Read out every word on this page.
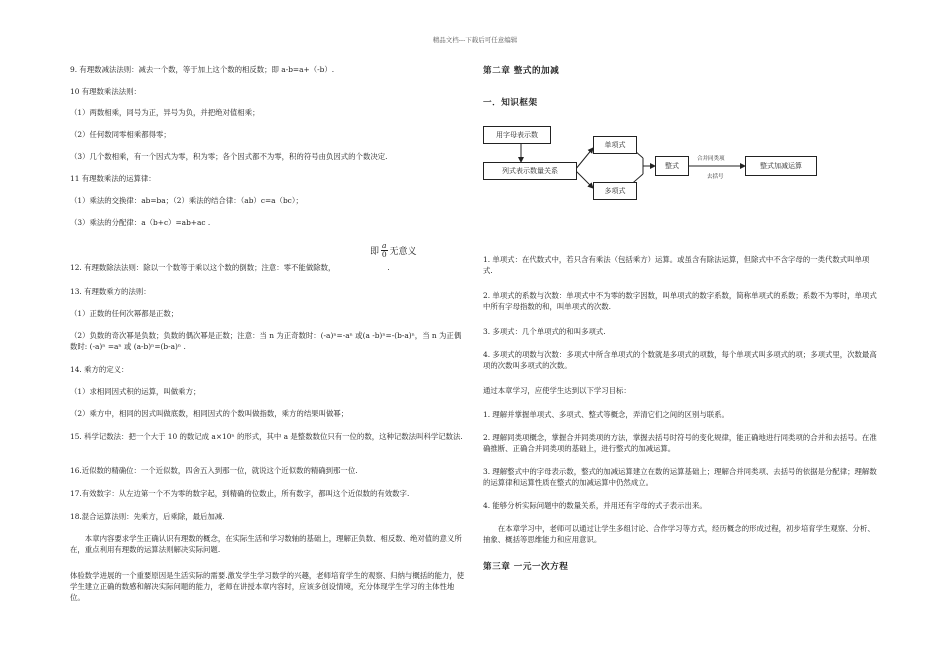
精品文档---下载后可任意编辑

9. 有理数减法法则：减去一个数，等于加上这个数的相反数；即 a-b=a+（-b）.

10 有理数乘法法则：

（1）两数相乘，同号为正，异号为负，并把绝对值相乘；

（2）任何数同零相乘都得零；

（3）几个数相乘，有一个因式为零，积为零；各个因式都不为零，积的符号由负因式的个数决定.

11 有理数乘法的运算律：

（1）乘法的交换律：ab=ba；（2）乘法的结合律：（ab）c=a（bc）；

（3）乘法的分配律：a（b+c）=ab+ac .

即 $\frac{a}{0}$ 无意义

12. 有理数除法法则：除以一个数等于乘以这个数的倒数；注意：零不能做除数，	.

13. 有理数乘方的法则：

（1）正数的任何次幂都是正数；

（2）负数的奇次幂是负数；负数的偶次幂是正数；注意：当 n 为正奇数时：(-a)ⁿ=-aⁿ 或(a -b)ⁿ=-(b-a)ⁿ，当 n 为正偶数时: (-a)ⁿ =aⁿ 或 (a-b)ⁿ=(b-a)ⁿ .

14. 乘方的定义：

（1）求相同因式积的运算，叫做乘方；

（2）乘方中，相同的因式叫做底数，相同因式的个数叫做指数，乘方的结果叫做幂；

15. 科学记数法：把一个大于 10 的数记成 a×10ⁿ 的形式，其中 a 是整数数位只有一位的数，这种记数法叫科学记数法.

16.近似数的精确位：一个近似数，四舍五入到那一位，就说这个近似数的精确到那一位.

17.有效数字：从左边第一个不为零的数字起，到精确的位数止，所有数字，都叫这个近似数的有效数字.

18.混合运算法则：先乘方，后乘除，最后加减.

本章内容要求学生正确认识有理数的概念，在实际生活和学习数轴的基础上，理解正负数、相反数、绝对值的意义所在，重点利用有理数的运算法则解决实际问题.

体验数学进展的一个重要原因是生活实际的需要.激发学生学习数学的兴趣，老师培育学生的观察、归纳与概括的能力，使学生建立正确的数感和解决实际问题的能力，老师在讲授本章内容时，应该多创设情境，充分体现学生学习的主体性地位。

第二章 整式的加减
一．知识框架
用字母表示数
列式表示数量关系
单项式
多项式
整式	整式加减运算
合并同类项
去括号

1. 单项式：在代数式中，若只含有乘法（包括乘方）运算。或虽含有除法运算，但除式中不含字母的一类代数式叫单项式.

2. 单项式的系数与次数：单项式中不为零的数字因数，叫单项式的数字系数，简称单项式的系数；系数不为零时，单项式中所有字母指数的和，叫单项式的次数.

3. 多项式：几个单项式的和叫多项式.

4. 多项式的项数与次数：多项式中所含单项式的个数就是多项式的项数，每个单项式叫多项式的项；多项式里，次数最高项的次数叫多项式的次数。

通过本章学习，应使学生达到以下学习目标：

1. 理解并掌握单项式、多项式、整式等概念，弄清它们之间的区别与联系。

2. 理解同类项概念，掌握合并同类项的方法，掌握去括号时符号的变化规律，能正确地进行同类项的合并和去括号。在准确推断、正确合并同类项的基础上，进行整式的加减运算。

3. 理解整式中的字母表示数，整式的加减运算建立在数的运算基础上；理解合并同类项、去括号的依据是分配律；理解数的运算律和运算性质在整式的加减运算中仍然成立。

4. 能够分析实际问题中的数量关系，并用还有字母的式子表示出来。

在本章学习中，老师可以通过让学生多组讨论、合作学习等方式，经历概念的形成过程，初步培育学生观察、分析、抽象、概括等思维能力和应用意识。

第三章 一元一次方程
